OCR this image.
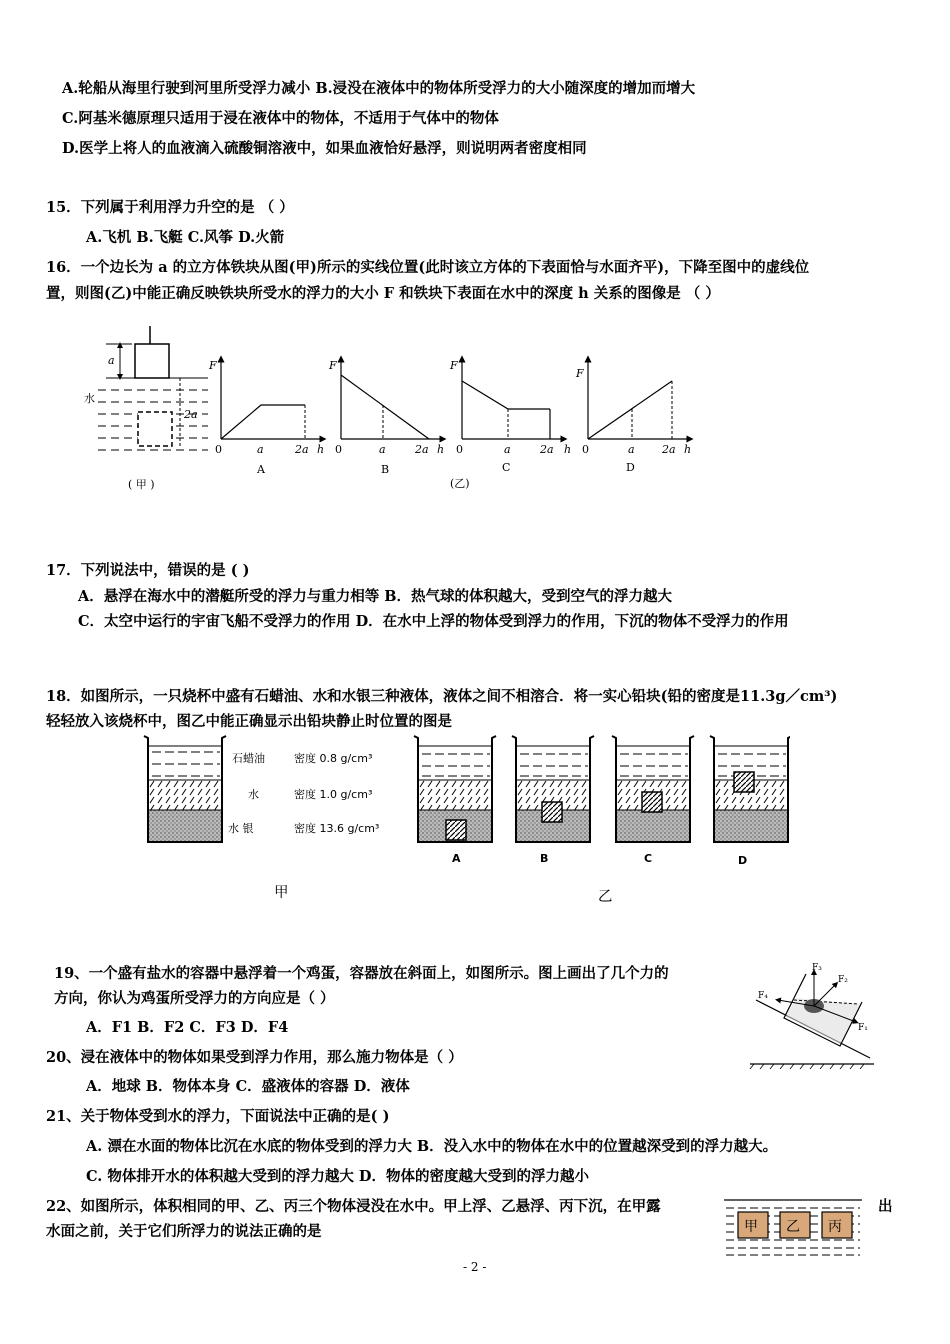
A.轮船从海里行驶到河里所受浮力减小 B.浸没在液体中的物体所受浮力的大小随深度的增加而增大
C.阿基米德原理只适用于浸在液体中的物体，不适用于气体中的物体
D.医学上将人的血液滴入硫酸铜溶液中，如果血液恰好悬浮，则说明两者密度相同
15．下列属于利用浮力升空的是 （ ）
A.飞机 B.飞艇 C.风筝 D.火箭
16．一个边长为 a 的立方体铁块从图(甲)所示的实线位置(此时该立方体的下表面恰与水面齐平)，下降至图中的虚线位
置，则图(乙)中能正确反映铁块所受水的浮力的大小 F 和铁块下表面在水中的深度 h 关系的图像是 （ ）
a
水
2a
( 甲 )
F
0	a	2a h
A
F
0	a	2a h
B
F
0	a	2a h
C
(乙)
F
0	a 2a h
D
17．下列说法中，错误的是 ( )
A．悬浮在海水中的潜艇所受的浮力与重力相等 B．热气球的体积越大，受到空气的浮力越大
C．太空中运行的宇宙飞船不受浮力的作用 D．在水中上浮的物体受到浮力的作用，下沉的物体不受浮力的作用
18．如图所示，一只烧杯中盛有石蜡油、水和水银三种液体，液体之间不相溶合．将一实心铅块(铅的密度是11.3g／cm³)
轻轻放入该烧杯中，图乙中能正确显示出铅块静止时位置的图是
石蜡油
水
水 银
密度 0.8 g/cm³
密度 1.0 g/cm³
密度 13.6 g/cm³
A	B	C	D
甲	乙
19、一个盛有盐水的容器中悬浮着一个鸡蛋，容器放在斜面上，如图所示。图上画出了几个力的
方向，你认为鸡蛋所受浮力的方向应是（ ）
A．F1 B．F2 C．F3 D．F4
F₃
F₂
F₁
F₄
20、浸在液体中的物体如果受到浮力作用，那么施力物体是（ ）
A．地球 B．物体本身 C．盛液体的容器 D．液体
21、关于物体受到水的浮力，下面说法中正确的是( )
A. 漂在水面的物体比沉在水底的物体受到的浮力大 B．没入水中的物体在水中的位置越深受到的浮力越大。
C. 物体排开水的体积越大受到的浮力越大 D．物体的密度越大受到的浮力越小
22、如图所示，体积相同的甲、乙、丙三个物体浸没在水中。甲上浮、乙悬浮、丙下沉，在甲露	出
水面之前，关于它们所浮力的说法正确的是	甲 乙 丙
- 2 -
